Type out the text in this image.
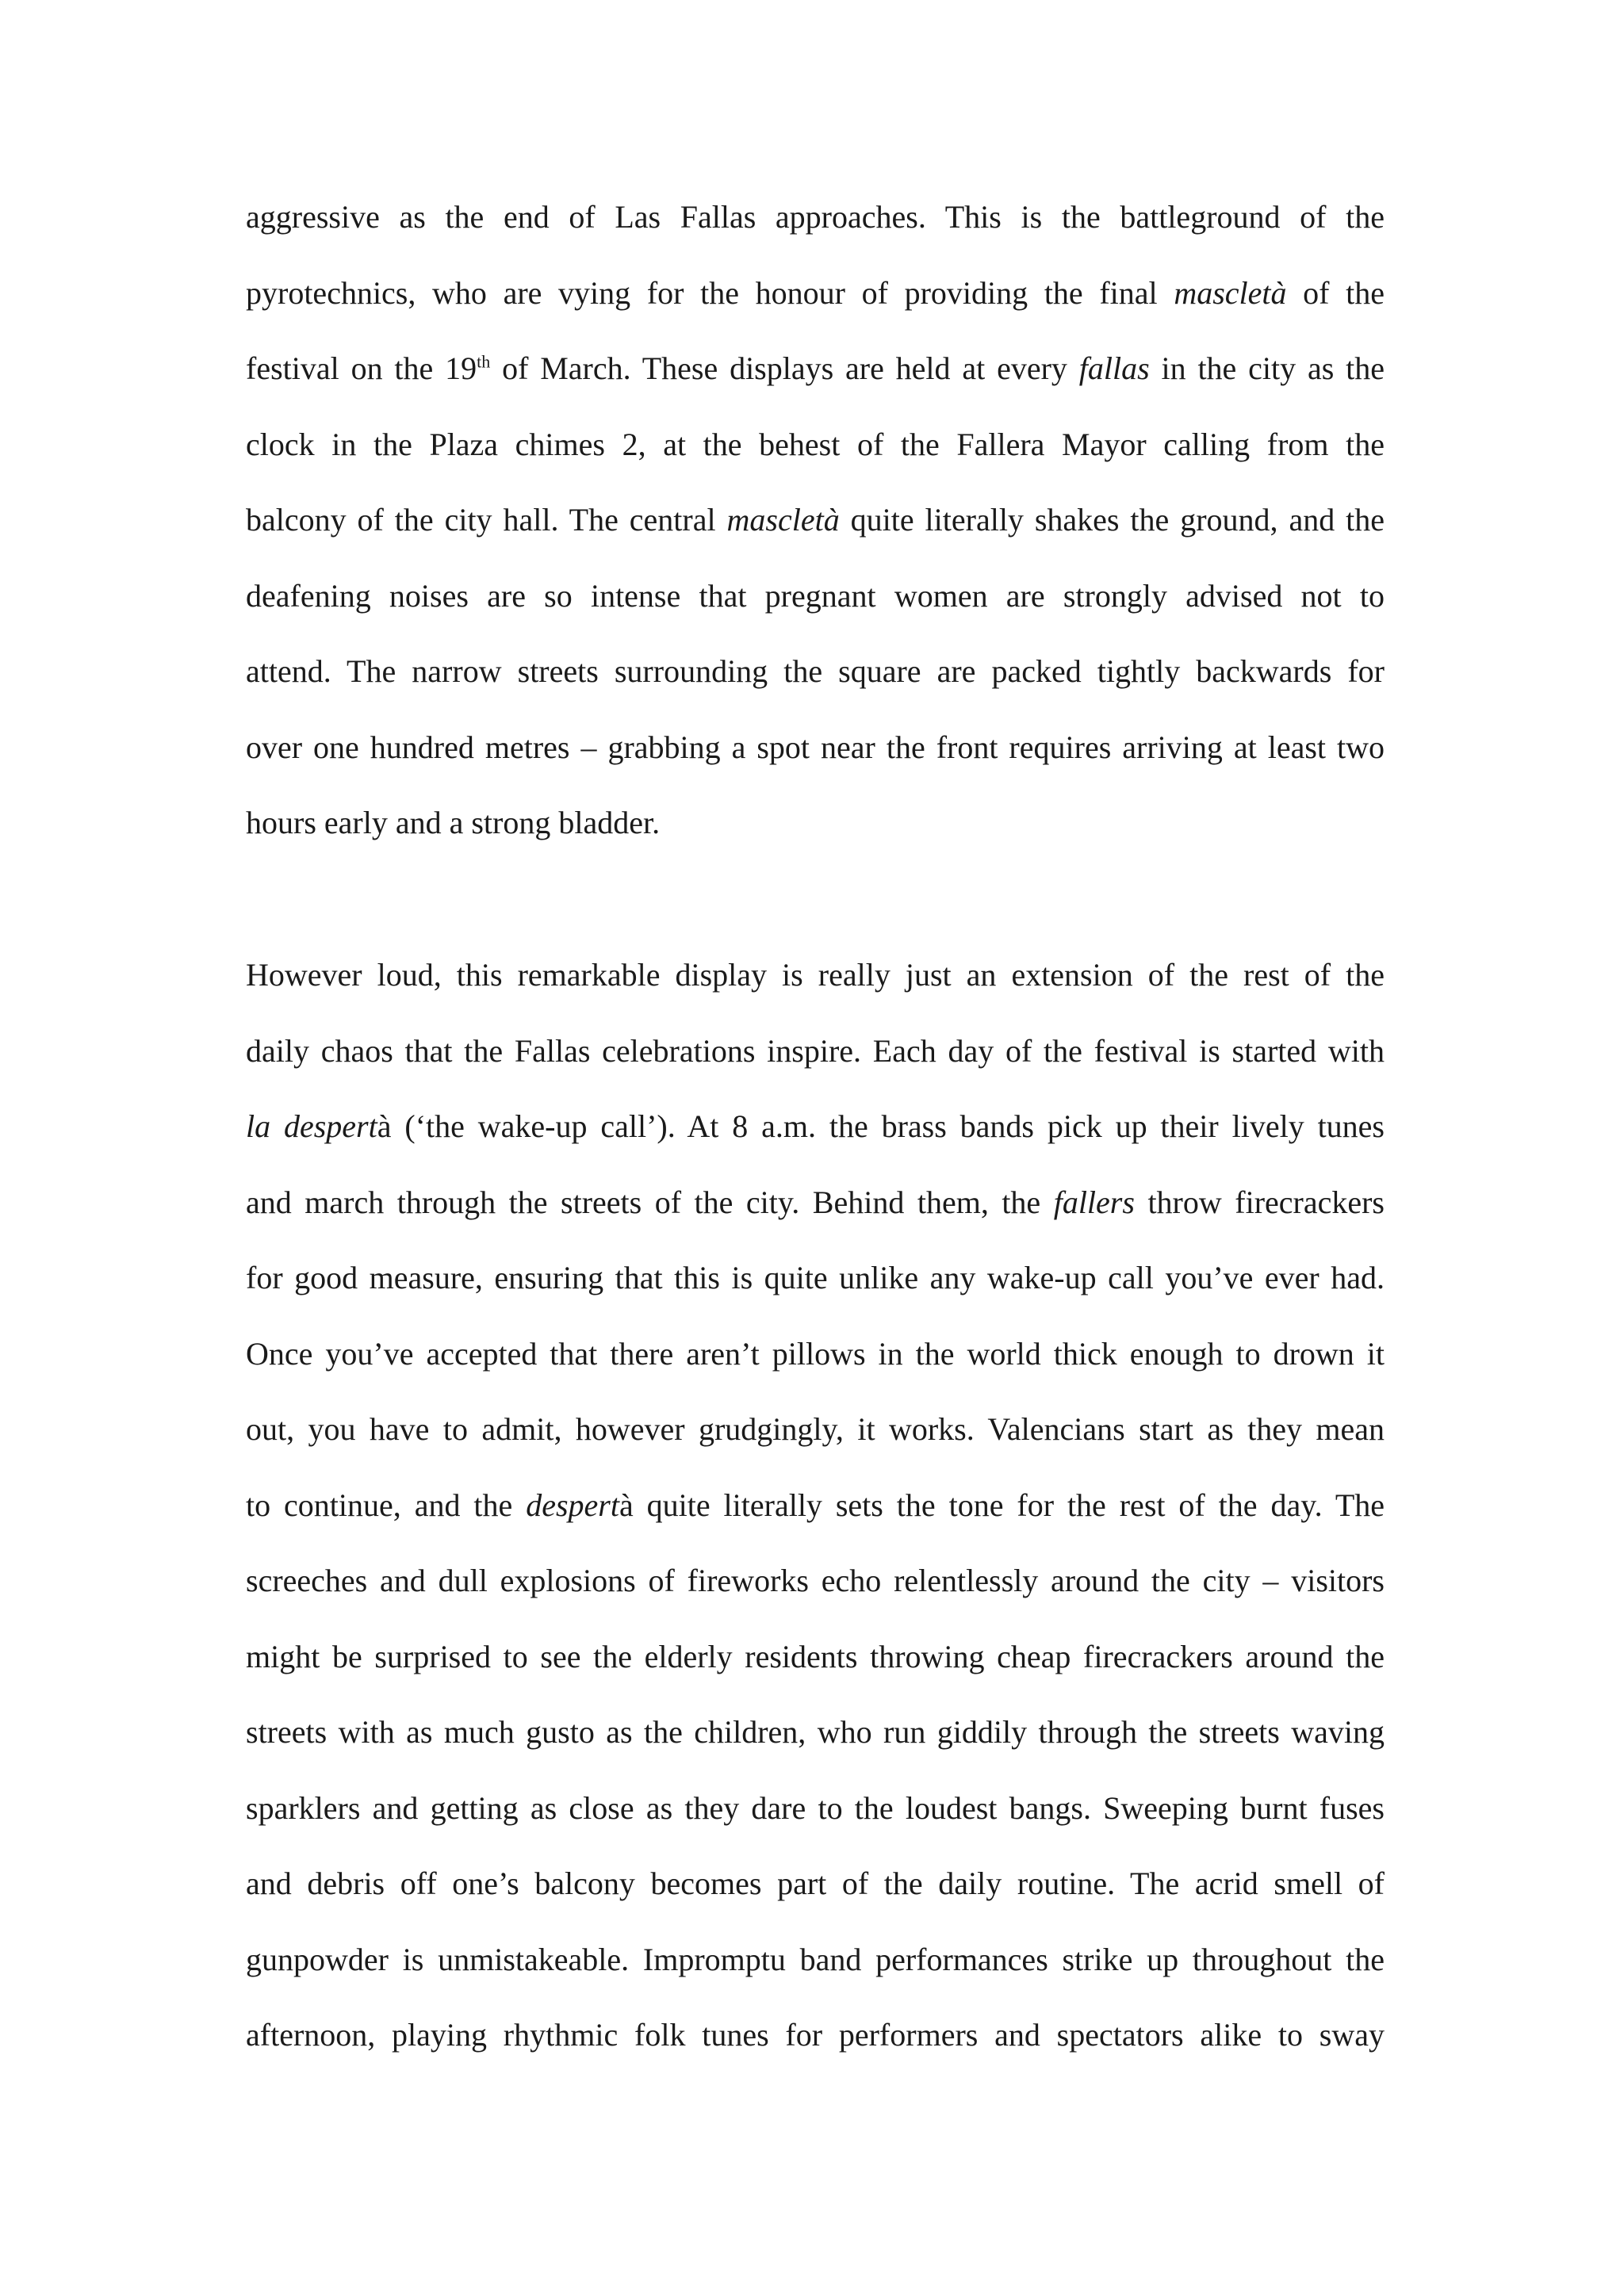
aggressive as the end of Las Fallas approaches. This is the battleground of the
pyrotechnics, who are vying for the honour of providing the final mascletà of the
festival on the 19th of March. These displays are held at every fallas in the city as the
clock in the Plaza chimes 2, at the behest of the Fallera Mayor calling from the
balcony of the city hall. The central mascletà quite literally shakes the ground, and the
deafening noises are so intense that pregnant women are strongly advised not to
attend. The narrow streets surrounding the square are packed tightly backwards for
over one hundred metres – grabbing a spot near the front requires arriving at least two
hours early and a strong bladder.
However loud, this remarkable display is really just an extension of the rest of the
daily chaos that the Fallas celebrations inspire. Each day of the festival is started with
la despertà (‘the wake-up call’). At 8 a.m. the brass bands pick up their lively tunes
and march through the streets of the city. Behind them, the fallers throw firecrackers
for good measure, ensuring that this is quite unlike any wake-up call you’ve ever had.
Once you’ve accepted that there aren’t pillows in the world thick enough to drown it
out, you have to admit, however grudgingly, it works. Valencians start as they mean
to continue, and the despertà quite literally sets the tone for the rest of the day. The
screeches and dull explosions of fireworks echo relentlessly around the city – visitors
might be surprised to see the elderly residents throwing cheap firecrackers around the
streets with as much gusto as the children, who run giddily through the streets waving
sparklers and getting as close as they dare to the loudest bangs. Sweeping burnt fuses
and debris off one’s balcony becomes part of the daily routine. The acrid smell of
gunpowder is unmistakeable. Impromptu band performances strike up throughout the
afternoon, playing rhythmic folk tunes for performers and spectators alike to sway
